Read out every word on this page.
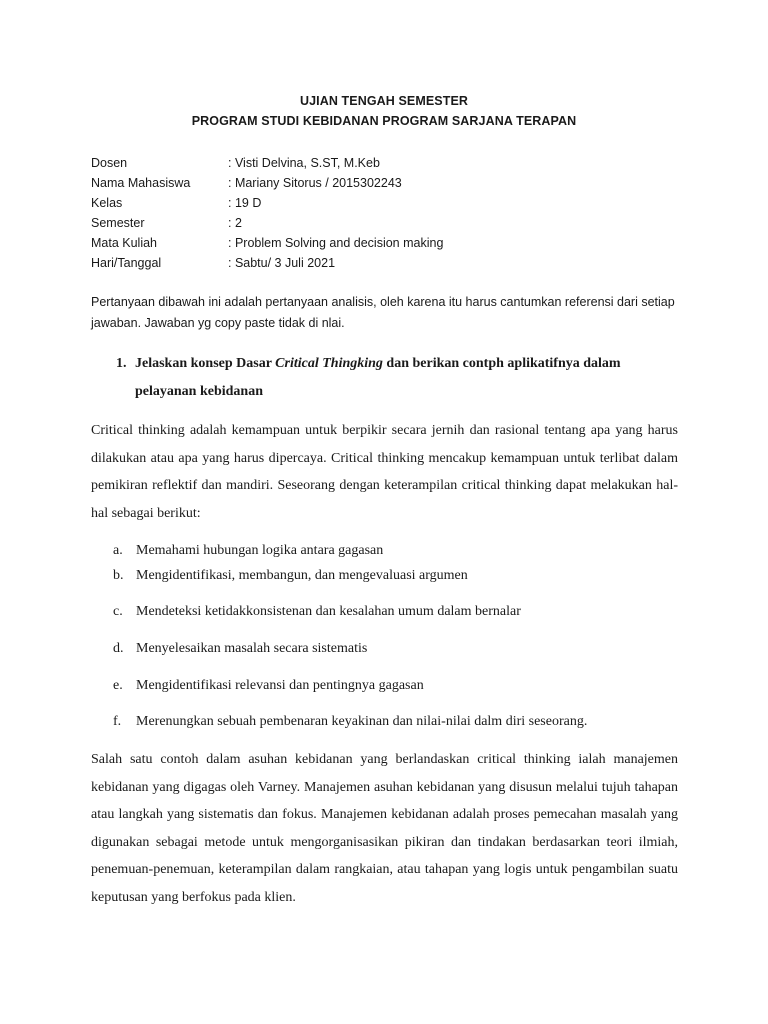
UJIAN TENGAH SEMESTER
PROGRAM STUDI KEBIDANAN PROGRAM SARJANA TERAPAN
Dosen	: Visti Delvina, S.ST, M.Keb
Nama Mahasiswa	: Mariany Sitorus / 2015302243
Kelas	: 19 D
Semester	: 2
Mata Kuliah	: Problem Solving and decision making
Hari/Tanggal	: Sabtu/ 3 Juli 2021
Pertanyaan dibawah ini adalah pertanyaan analisis, oleh karena itu harus cantumkan referensi dari setiap jawaban. Jawaban yg copy paste tidak di nlai.
1. Jelaskan konsep Dasar Critical Thingking dan berikan contph aplikatifnya dalam pelayanan kebidanan
Critical thinking adalah kemampuan untuk berpikir secara jernih dan rasional tentang apa yang harus dilakukan atau apa yang harus dipercaya. Critical thinking mencakup kemampuan untuk terlibat dalam pemikiran reflektif dan mandiri. Seseorang dengan keterampilan critical thinking dapat melakukan hal-hal sebagai berikut:
a. Memahami hubungan logika antara gagasan
b. Mengidentifikasi, membangun, dan mengevaluasi argumen
c. Mendeteksi ketidakkonsistenan dan kesalahan umum dalam bernalar
d. Menyelesaikan masalah secara sistematis
e. Mengidentifikasi relevansi dan pentingnya gagasan
f.	Merenungkan sebuah pembenaran keyakinan dan nilai-nilai dalm diri seseorang.
Salah satu contoh dalam asuhan kebidanan yang berlandaskan critical thinking ialah manajemen kebidanan yang digagas oleh Varney. Manajemen asuhan kebidanan yang disusun melalui tujuh tahapan atau langkah yang sistematis dan fokus. Manajemen kebidanan adalah proses pemecahan masalah yang digunakan sebagai metode untuk mengorganisasikan pikiran dan tindakan berdasarkan teori ilmiah, penemuan-penemuan, keterampilan dalam rangkaian, atau tahapan yang logis untuk pengambilan suatu keputusan yang berfokus pada klien.
